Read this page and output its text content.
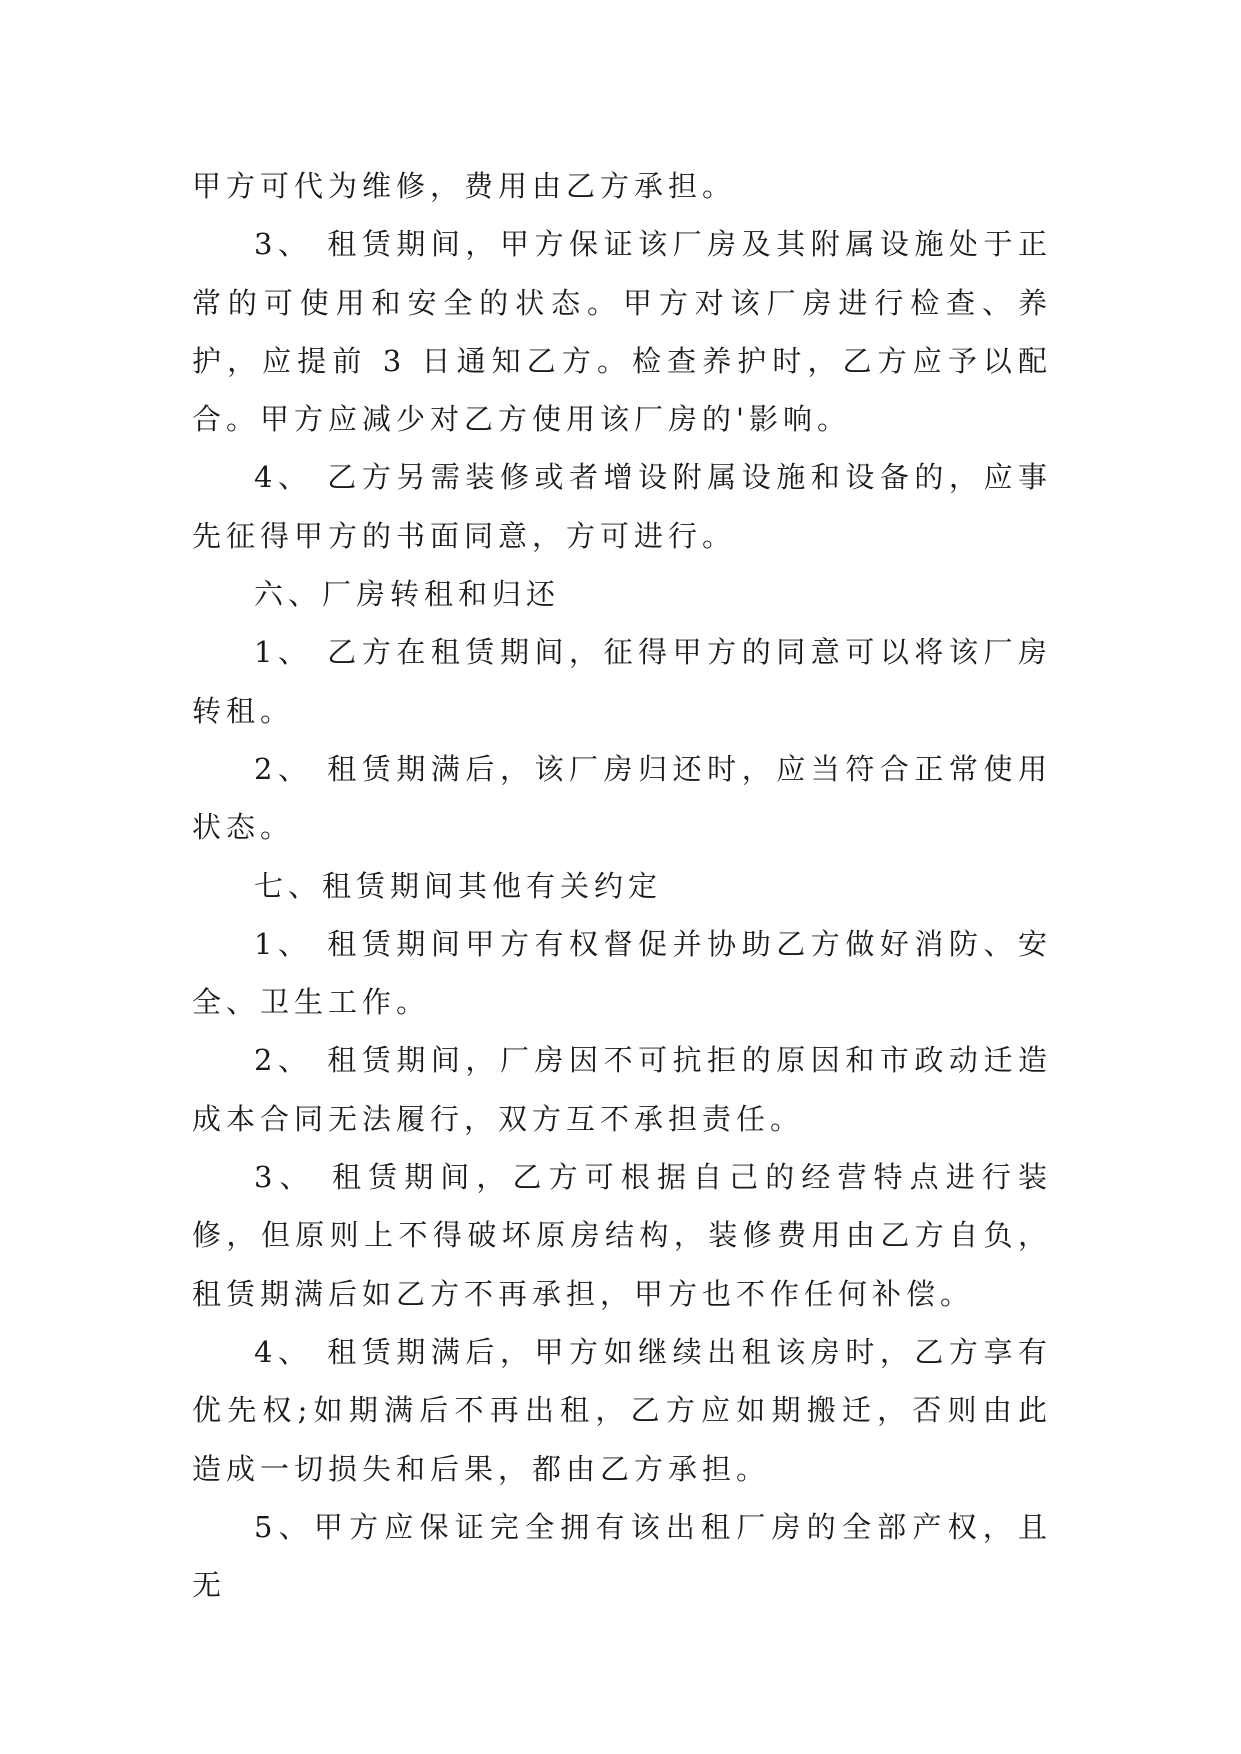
甲方可代为维修，费用由乙方承担。

3、 租赁期间，甲方保证该厂房及其附属设施处于正常的可使用和安全的状态。甲方对该厂房进行检查、养护，应提前 3 日通知乙方。检查养护时，乙方应予以配合。甲方应减少对乙方使用该厂房的'影响。

4、 乙方另需装修或者增设附属设施和设备的，应事先征得甲方的书面同意，方可进行。

六、厂房转租和归还

1、 乙方在租赁期间，征得甲方的同意可以将该厂房转租。

2、 租赁期满后，该厂房归还时，应当符合正常使用状态。

七、租赁期间其他有关约定

1、 租赁期间甲方有权督促并协助乙方做好消防、安全、卫生工作。

2、 租赁期间，厂房因不可抗拒的原因和市政动迁造成本合同无法履行，双方互不承担责任。

3、 租赁期间，乙方可根据自己的经营特点进行装修，但原则上不得破坏原房结构，装修费用由乙方自负，租赁期满后如乙方不再承担，甲方也不作任何补偿。

4、 租赁期满后，甲方如继续出租该房时，乙方享有优先权;如期满后不再出租，乙方应如期搬迁，否则由此造成一切损失和后果，都由乙方承担。

5、甲方应保证完全拥有该出租厂房的全部产权，且无
